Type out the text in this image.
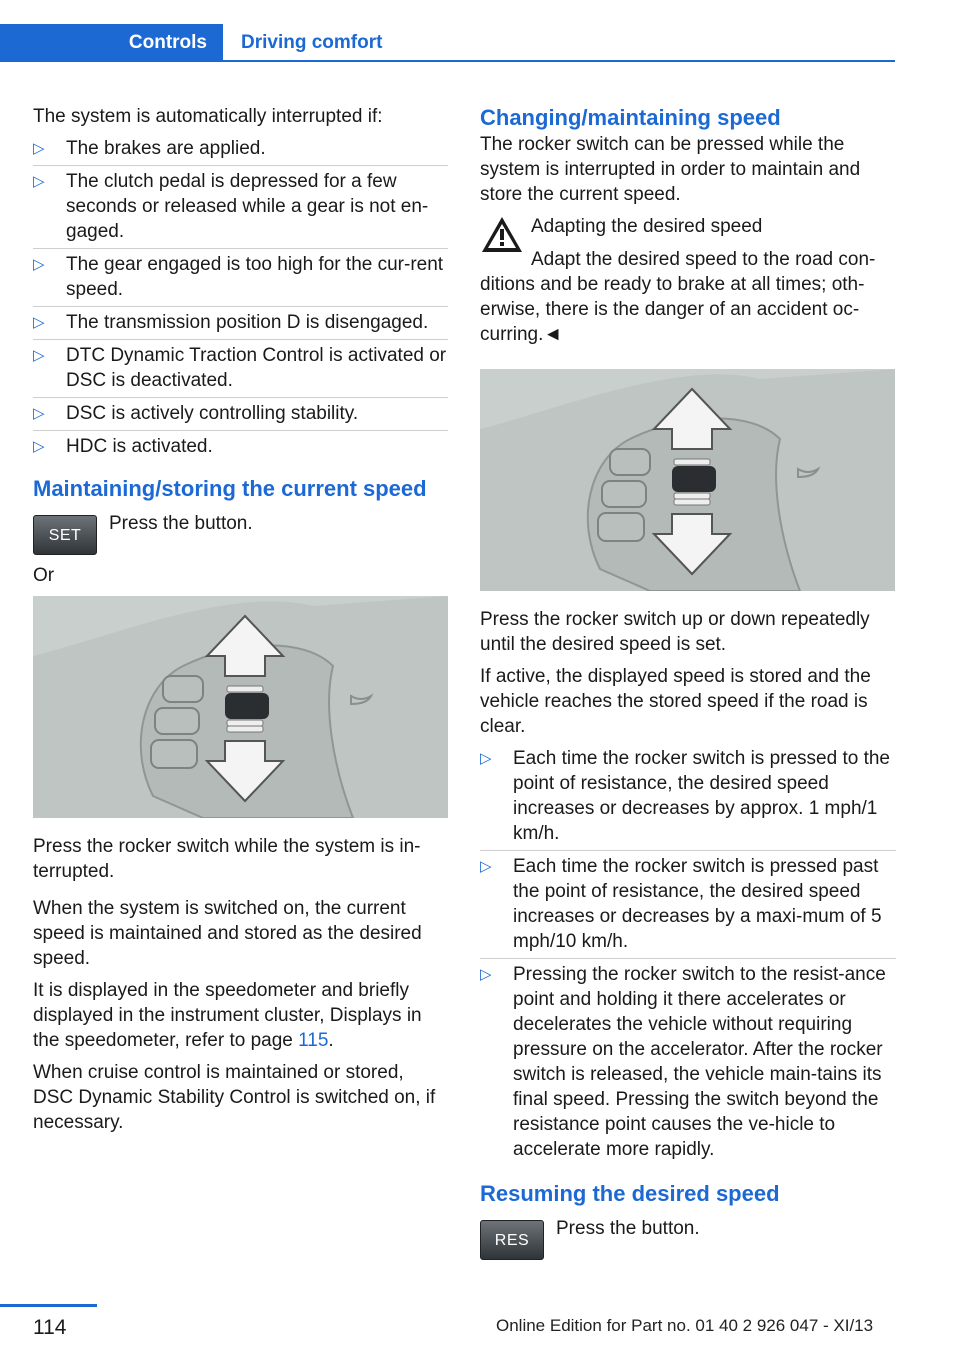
Controls	Driving comfort

The system is automatically interrupted if:

▷ The brakes are applied.
▷ The clutch pedal is depressed for a few seconds or released while a gear is not en‐gaged.
▷ The gear engaged is too high for the cur‐rent speed.
▷ The transmission position D is disengaged.
▷ DTC Dynamic Traction Control is activated or DSC is deactivated.
▷ DSC is actively controlling stability.
▷ HDC is activated.
Maintaining/storing the current speed
SET
Press the button.

Or

Press the rocker switch while the system is in‐terrupted.

When the system is switched on, the current speed is maintained and stored as the desired speed.

It is displayed in the speedometer and briefly displayed in the instrument cluster, Displays in the speedometer, refer to page 115.

When cruise control is maintained or stored, DSC Dynamic Stability Control is switched on, if necessary.

Changing/maintaining speed

The rocker switch can be pressed while the system is interrupted in order to maintain and store the current speed.

Adapting the desired speed

Adapt the desired speed to the road con‐

ditions and be ready to brake at all times; oth‐erwise, there is the danger of an accident oc‐curring.◄

Press the rocker switch up or down repeatedly until the desired speed is set.

If active, the displayed speed is stored and the vehicle reaches the stored speed if the road is clear.

▷ Each time the rocker switch is pressed to the point of resistance, the desired speed increases or decreases by approx. 1 mph/1 km/h.
▷ Each time the rocker switch is pressed past the point of resistance, the desired speed increases or decreases by a maxi‐mum of 5 mph/10 km/h.
▷ Pressing the rocker switch to the resist‐ance point and holding it there accelerates or decelerates the vehicle without requiring pressure on the accelerator. After the rocker switch is released, the vehicle main‐tains its final speed. Pressing the switch beyond the resistance point causes the ve‐hicle to accelerate more rapidly.
Resuming the desired speed
RES
Press the button.
114	Online Edition for Part no. 01 40 2 926 047 - XI/13
